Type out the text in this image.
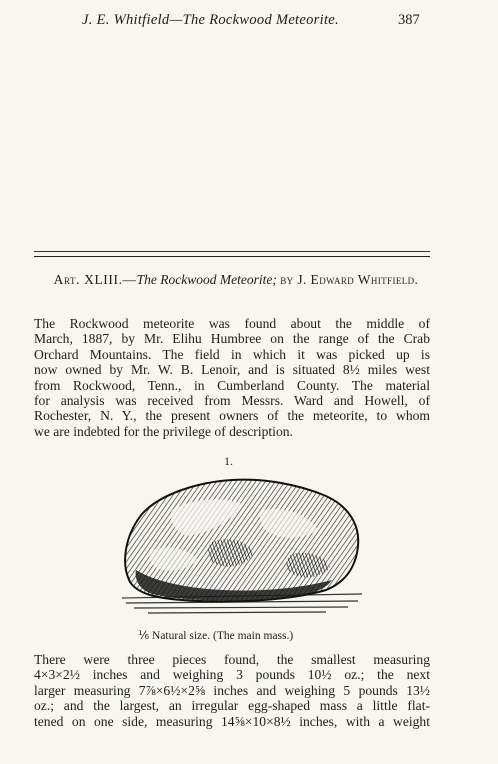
J. E. Whitfield—The Rockwood Meteorite.	387
Art. XLIII.—The Rockwood Meteorite; by J. Edward Whitfield.
The Rockwood meteorite was found about the middle of
March, 1887, by Mr. Elihu Humbree on the range of the Crab
Orchard Mountains. The field in which it was picked up is
now owned by Mr. W. B. Lenoir, and is situated 8½ miles west
from Rockwood, Tenn., in Cumberland County. The material
for analysis was received from Messrs. Ward and Howell, of
Rochester, N. Y., the present owners of the meteorite, to whom
we are indebted for the privilege of description.
1.
⅙ Natural size. (The main mass.)
There were three pieces found, the smallest measuring
4×3×2½ inches and weighing 3 pounds 10½ oz.; the next
larger measuring 7⅞×6½×2⅝ inches and weighing 5 pounds 13½
oz.; and the largest, an irregular egg-shaped mass a little flat-
tened on one side, measuring 14⅝×10×8½ inches, with a weight
